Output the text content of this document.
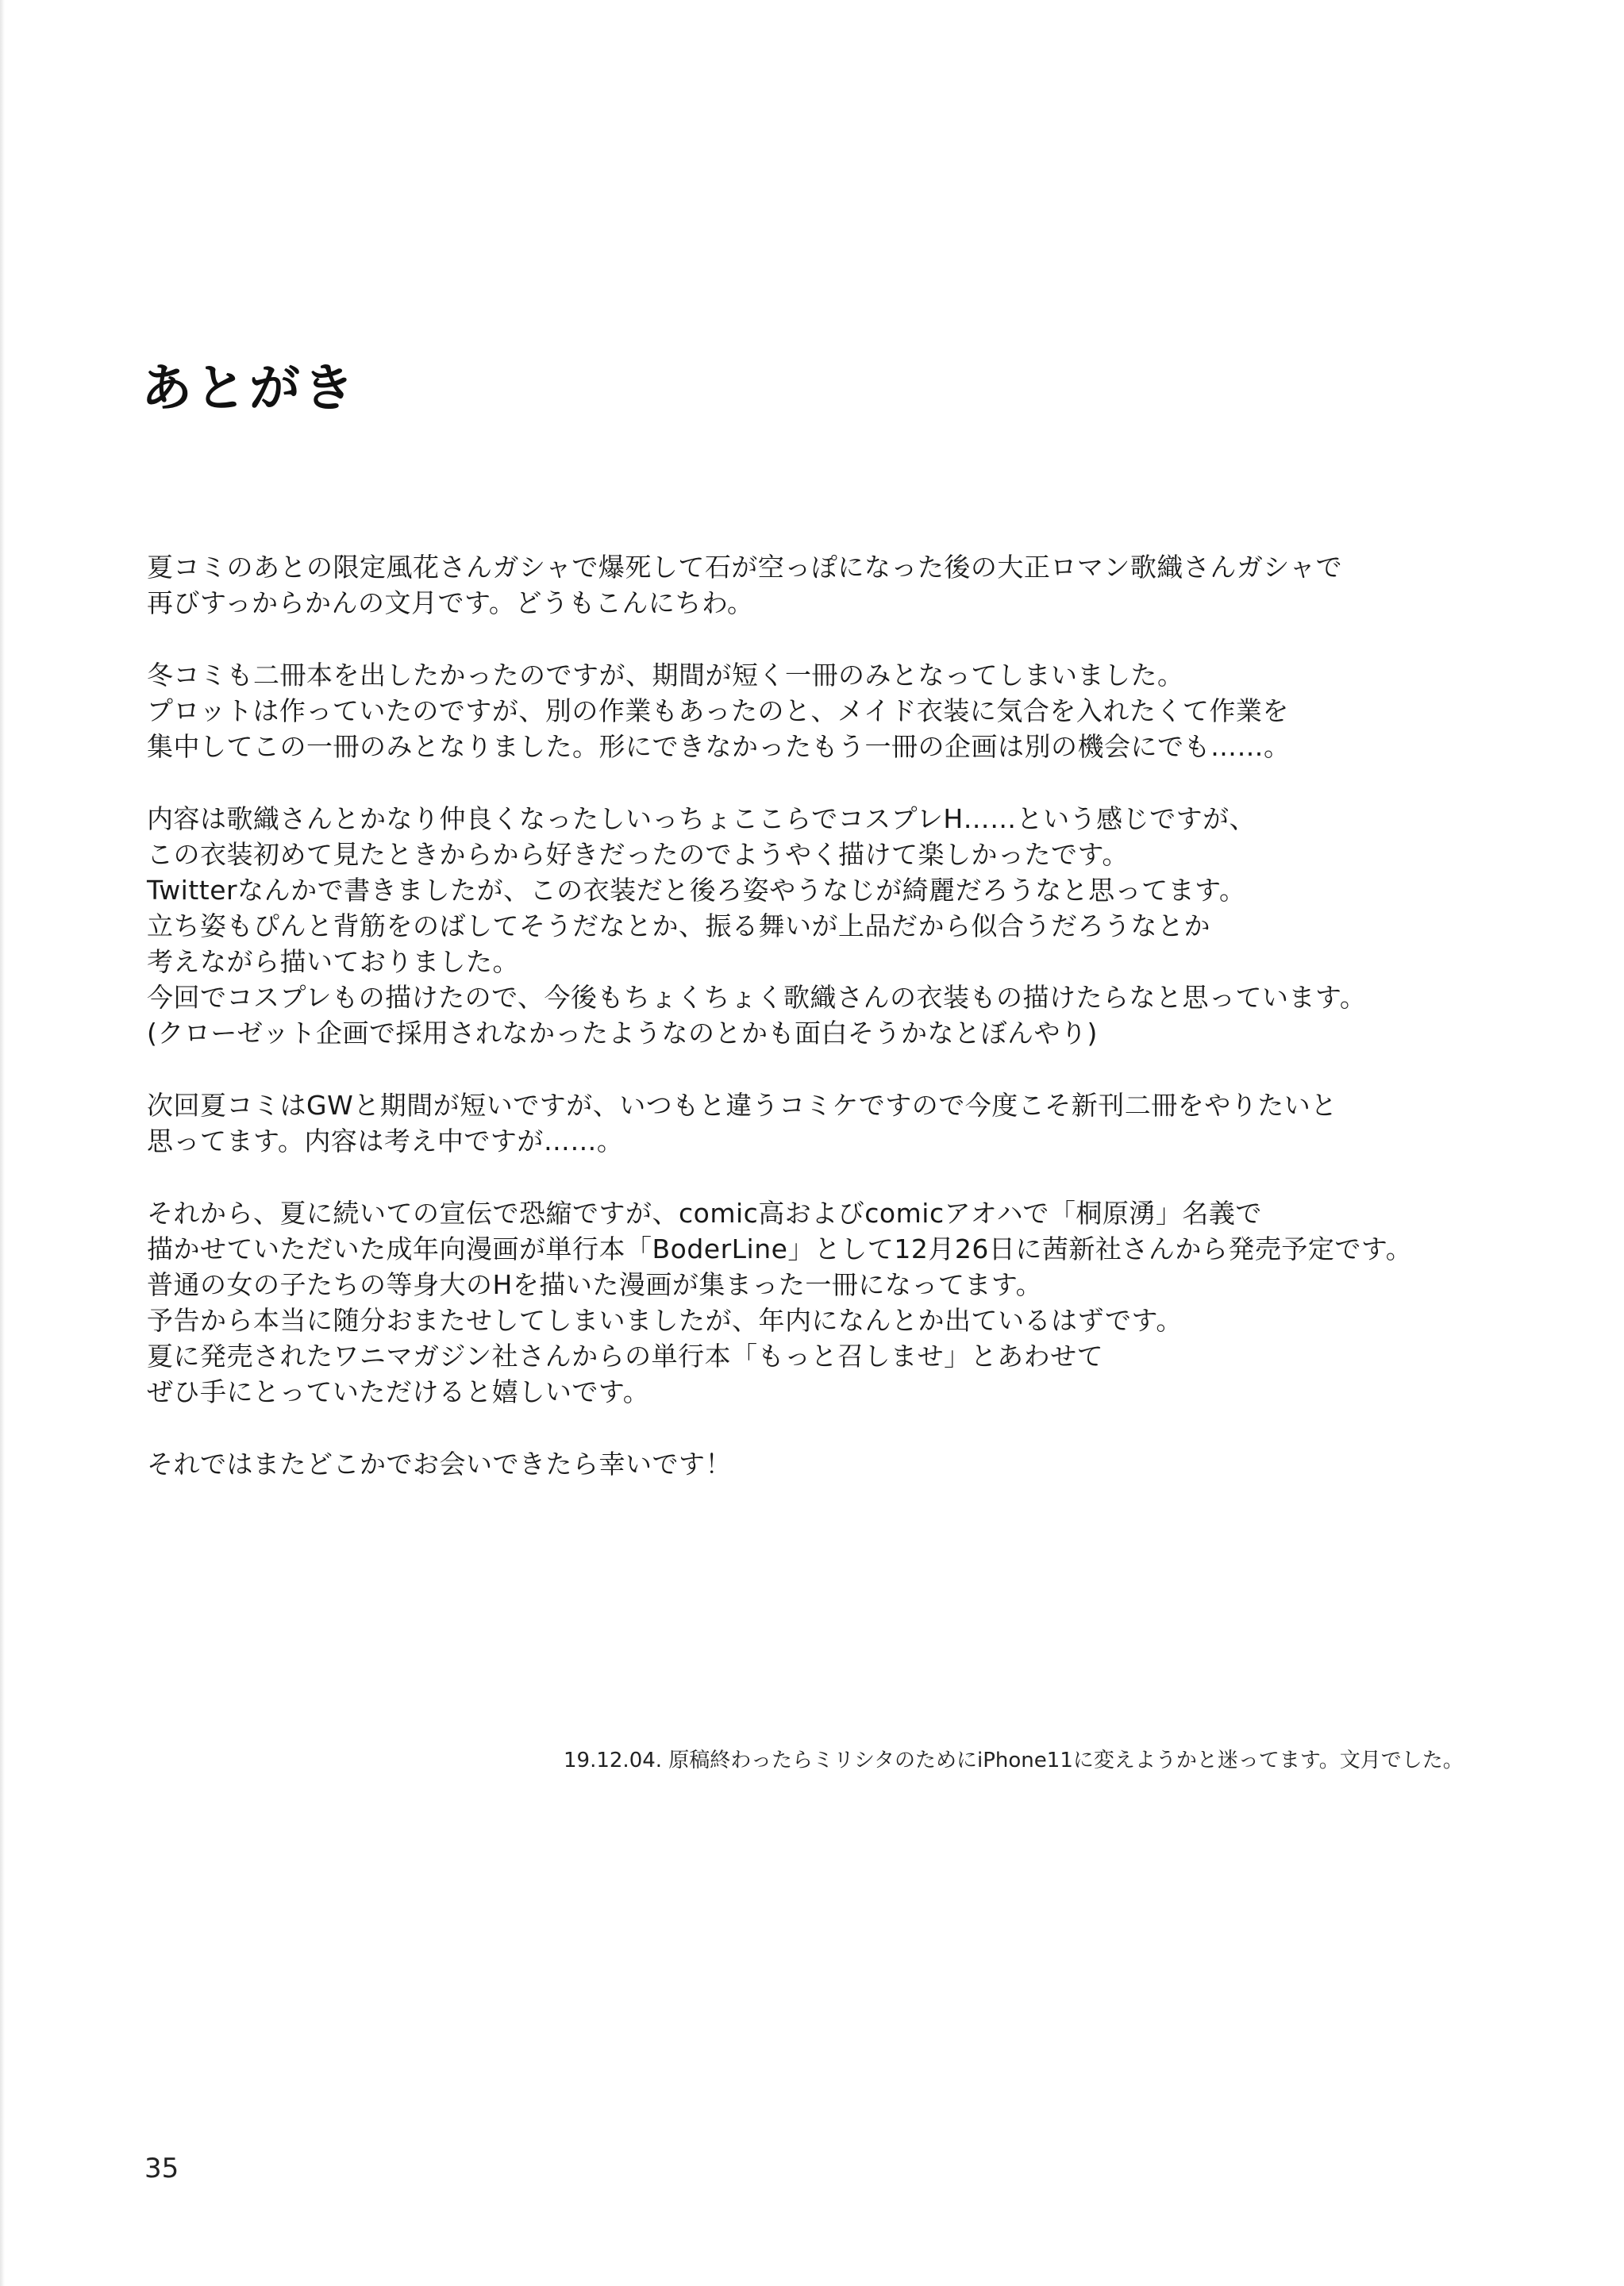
あとがき

夏コミのあとの限定風花さんガシャで爆死して石が空っぽになった後の大正ロマン歌織さんガシャで
再びすっからかんの文月です。どうもこんにちわ。

冬コミも二冊本を出したかったのですが、期間が短く一冊のみとなってしまいました。
プロットは作っていたのですが、別の作業もあったのと、メイド衣装に気合を入れたくて作業を
集中してこの一冊のみとなりました。形にできなかったもう一冊の企画は別の機会にでも……。

内容は歌織さんとかなり仲良くなったしいっちょここらでコスプレH……という感じですが、
この衣装初めて見たときからから好きだったのでようやく描けて楽しかったです。
Twitterなんかで書きましたが、この衣装だと後ろ姿やうなじが綺麗だろうなと思ってます。
立ち姿もぴんと背筋をのばしてそうだなとか、振る舞いが上品だから似合うだろうなとか
考えながら描いておりました。
今回でコスプレもの描けたので、今後もちょくちょく歌織さんの衣装もの描けたらなと思っています。
(クローゼット企画で採用されなかったようなのとかも面白そうかなとぼんやり)

次回夏コミはGWと期間が短いですが、いつもと違うコミケですので今度こそ新刊二冊をやりたいと
思ってます。内容は考え中ですが……。

それから、夏に続いての宣伝で恐縮ですが、comic高およびcomicアオハで「桐原湧」名義で
描かせていただいた成年向漫画が単行本「BoderLine」として12月26日に茜新社さんから発売予定です。
普通の女の子たちの等身大のHを描いた漫画が集まった一冊になってます。
予告から本当に随分おまたせしてしまいましたが、年内になんとか出ているはずです。
夏に発売されたワニマガジン社さんからの単行本「もっと召しませ」とあわせて
ぜひ手にとっていただけると嬉しいです。

それではまたどこかでお会いできたら幸いです！

19.12.04. 原稿終わったらミリシタのためにiPhone11に変えようかと迷ってます。文月でした。
35
